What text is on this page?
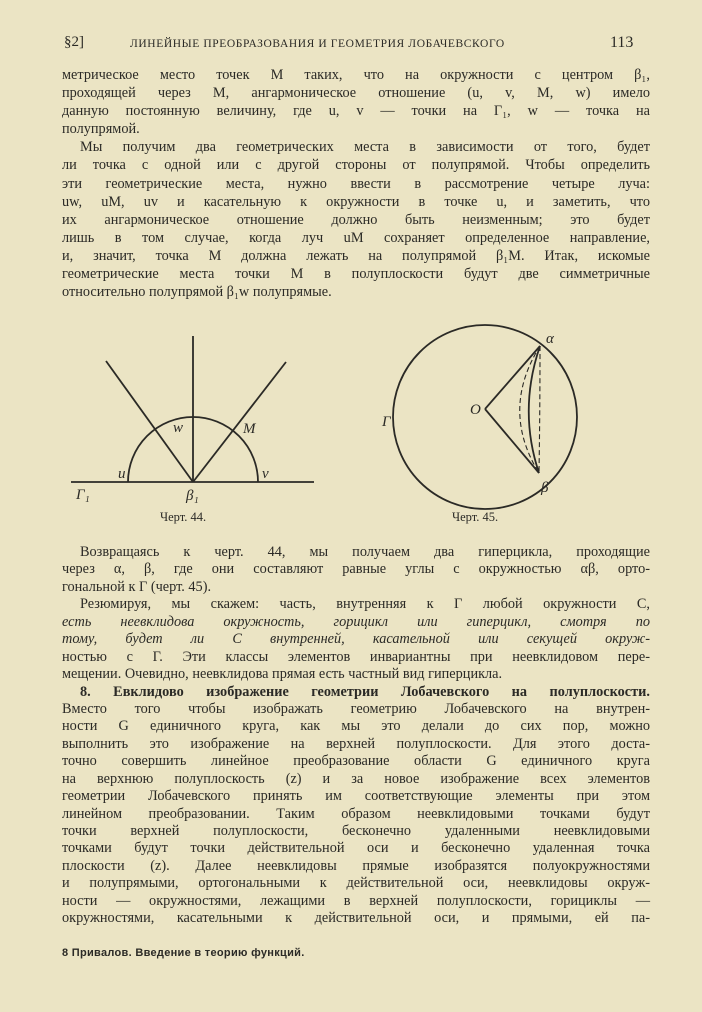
§2]	ЛИНЕЙНЫЕ ПРЕОБРАЗОВАНИЯ И ГЕОМЕТРИЯ ЛОБАЧЕВСКОГО	113
метрическое место точек M таких, что на окружности с центром β₁,
проходящей через M, ангармоническое отношение (u, v, M, w) имело
данную постоянную величину, где u, v — точки на Γ₁, w — точка на
полупрямой.
Мы получим два геометрических места в зависимости от того, будет
ли точка с одной или с другой стороны от полупрямой. Чтобы определить
эти геометрические места, нужно ввести в рассмотрение четыре луча:
uw, uM, uv и касательную к окружности в точке u, и заметить, что
их ангармоническое отношение должно быть неизменным; это будет
лишь в том случае, когда луч uM сохраняет определенное направление,
и, значит, точка M должна лежать на полупрямой β₁M. Итак, искомые
геометрические места точки M в полуплоскости будут две симметричные
относительно полупрямой β₁w полупрямые.
w	M
u	v
Γ₁	β₁
α
O
Γ
β
Черт. 44.	Черт. 45.
Возвращаясь к черт. 44, мы получаем два гиперцикла, проходящие
через α, β, где они составляют равные углы с окружностью αβ, орто-
гональной к Γ (черт. 45).
Резюмируя, мы скажем: часть, внутренняя к Γ любой окружности C,
есть неевклидова окружность, горицикл или гиперцикл, смотря по
тому, будет ли C внутренней, касательной или секущей окруж-
ностью с Γ. Эти классы элементов инвариантны при неевклидовом пере-
мещении. Очевидно, неевклидова прямая есть частный вид гиперцикла.
8. Евклидово изображение геометрии Лобачевского на полуплоскости.
Вместо того чтобы изображать геометрию Лобачевского на внутрен-
ности G единичного круга, как мы это делали до сих пор, можно
выполнить это изображение на верхней полуплоскости. Для этого доста-
точно совершить линейное преобразование области G единичного круга
на верхнюю полуплоскость (z) и за новое изображение всех элементов
геометрии Лобачевского принять им соответствующие элементы при этом
линейном преобразовании. Таким образом неевклидовыми точками будут
точки верхней полуплоскости, бесконечно удаленными неевклидовыми
точками будут точки действительной оси и бесконечно удаленная точка
плоскости (z). Далее неевклидовы прямые изобразятся полуокружностями
и полупрямыми, ортогональными к действительной оси, неевклидовы окруж-
ности — окружностями, лежащими в верхней полуплоскости, горициклы —
окружностями, касательными к действительной оси, и прямыми, ей па-
8 Привалов. Введение в теорию функций.
